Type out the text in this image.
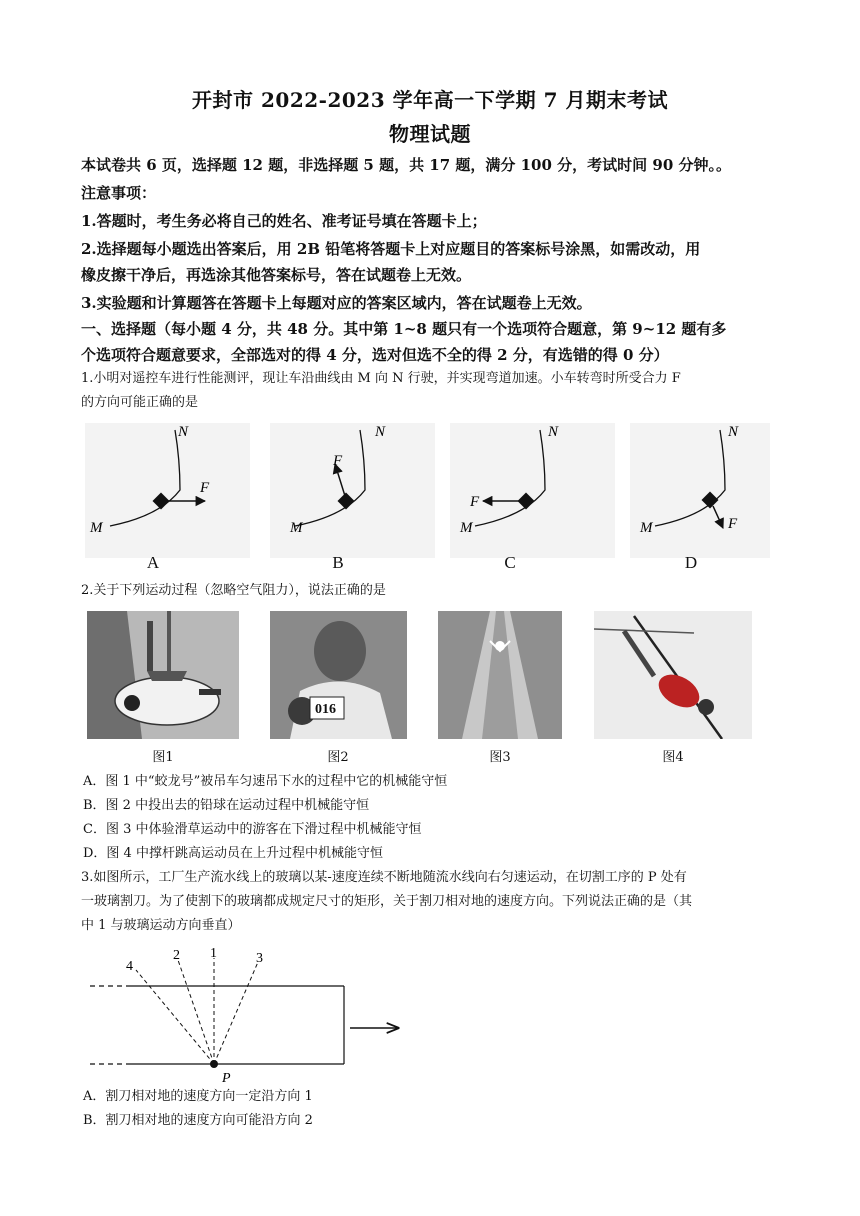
开封市 2022-2023 学年高一下学期 7 月期末考试
物理试题
本试卷共 6 页，选择题 12 题，非选择题 5 题，共 17 题，满分 100 分，考试时间 90 分钟。。
注意事项：
1.答题时，考生务必将自己的姓名、准考证号填在答题卡上；
2.选择题每小题选出答案后，用 2B 铅笔将答题卡上对应题目的答案标号涂黑，如需改动，用
橡皮擦干净后，再选涂其他答案标号，答在试题卷上无效。
3.实验题和计算题答在答题卡上每题对应的答案区域内，答在试题卷上无效。
一、选择题（每小题 4 分，共 48 分。其中第 1~8 题只有一个选项符合题意，第 9~12 题有多
个选项符合题意要求，全部选对的得 4 分，选对但选不全的得 2 分，有选错的得 0 分）
1.小明对遥控车进行性能测评，现让车沿曲线由 M 向 N 行驶，并实现弯道加速。小车转弯时所受合力 F
的方向可能正确的是
N
M
F
N
M
F
N
M
F
N
M	F
A	B	C	D
2.关于下列运动过程（忽略空气阻力），说法正确的是
016
图1	图2	图3	图4
A．图 1 中“蛟龙号”被吊车匀速吊下水的过程中它的机械能守恒
B．图 2 中投出去的铅球在运动过程中机械能守恒
C．图 3 中体验滑草运动中的游客在下滑过程中机械能守恒
D．图 4 中撑杆跳高运动员在上升过程中机械能守恒
3.如图所示，工厂生产流水线上的玻璃以某-速度连续不断地随流水线向右匀速运动，在切割工序的 P 处有
一玻璃割刀。为了使割下的玻璃都成规定尺寸的矩形，关于割刀相对地的速度方向。下列说法正确的是（其
中 1 与玻璃运动方向垂直）
4
2 1	3
P
A．割刀相对地的速度方向一定沿方向 1
B．割刀相对地的速度方向可能沿方向 2
